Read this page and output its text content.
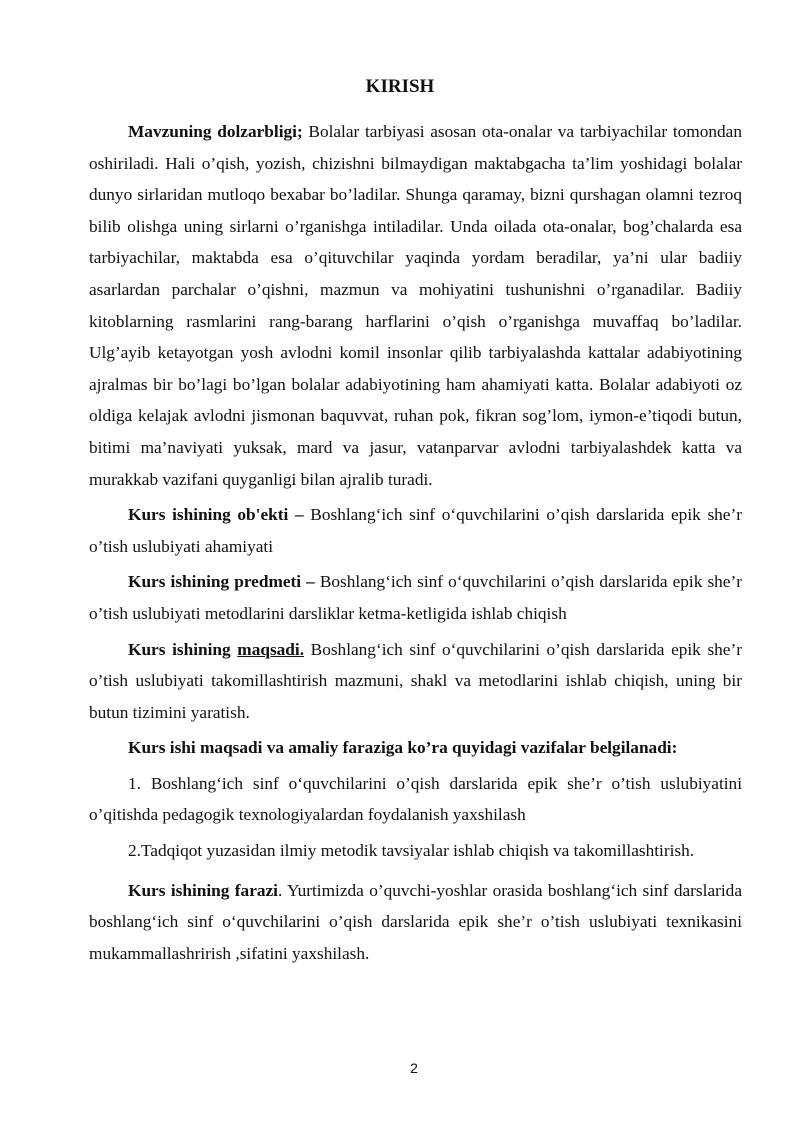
KIRISH

Mavzuning dolzarbligi; Bolalar tarbiyasi asosan ota-onalar va tarbiyachilar tomondan oshiriladi. Hali o’qish, yozish, chizishni bilmaydigan maktabgacha ta’lim yoshidagi bolalar dunyo sirlaridan mutloqo bexabar bo’ladilar. Shunga qaramay, bizni qurshagan olamni tezroq bilib olishga uning sirlarni o’rganishga intiladilar. Unda oilada ota-onalar, bog’chalarda esa tarbiyachilar, maktabda esa o’qituvchilar yaqinda yordam beradilar, ya’ni ular badiiy asarlardan parchalar o’qishni, mazmun va mohiyatini tushunishni o’rganadilar. Badiiy kitoblarning rasmlarini rang-barang harflarini o’qish o’rganishga muvaffaq bo’ladilar. Ulg’ayib ketayotgan yosh avlodni komil insonlar qilib tarbiyalashda kattalar adabiyotining ajralmas bir bo’lagi bo’lgan bolalar adabiyotining ham ahamiyati katta. Bolalar adabiyoti oz oldiga kelajak avlodni jismonan baquvvat, ruhan pok, fikran sog’lom, iymon-e’tiqodi butun, bitimi ma’naviyati yuksak, mard va jasur, vatanparvar avlodni tarbiyalashdek katta va murakkab vazifani quyganligi bilan ajralib turadi.

Kurs ishining ob'ekti – Boshlang‘ich sinf o‘quvchilarini o’qish darslarida epik she’r o’tish uslubiyati ahamiyati

Kurs ishining predmeti – Boshlang‘ich sinf o‘quvchilarini o’qish darslarida epik she’r o’tish uslubiyati metodlarini darsliklar ketma-ketligida ishlab chiqish

Kurs ishining maqsadi. Boshlang‘ich sinf o‘quvchilarini o’qish darslarida epik she’r o’tish uslubiyati takomillashtirish mazmuni, shakl va metodlarini ishlab chiqish, uning bir butun tizimini yaratish.

Kurs ishi maqsadi va amaliy faraziga ko’ra quyidagi vazifalar belgilanadi:

1. Boshlang‘ich sinf o‘quvchilarini o’qish darslarida epik she’r o’tish uslubiyatini o’qitishda pedagogik texnologiyalardan foydalanish yaxshilash

2.Tadqiqot yuzasidan ilmiy metodik tavsiyalar ishlab chiqish va takomillashtirish.

Kurs ishining farazi. Yurtimizda o’quvchi-yoshlar orasida boshlang‘ich sinf darslarida boshlang‘ich sinf o‘quvchilarini o’qish darslarida epik she’r o’tish uslubiyati texnikasini mukammallashrirish ,sifatini yaxshilash.

2
